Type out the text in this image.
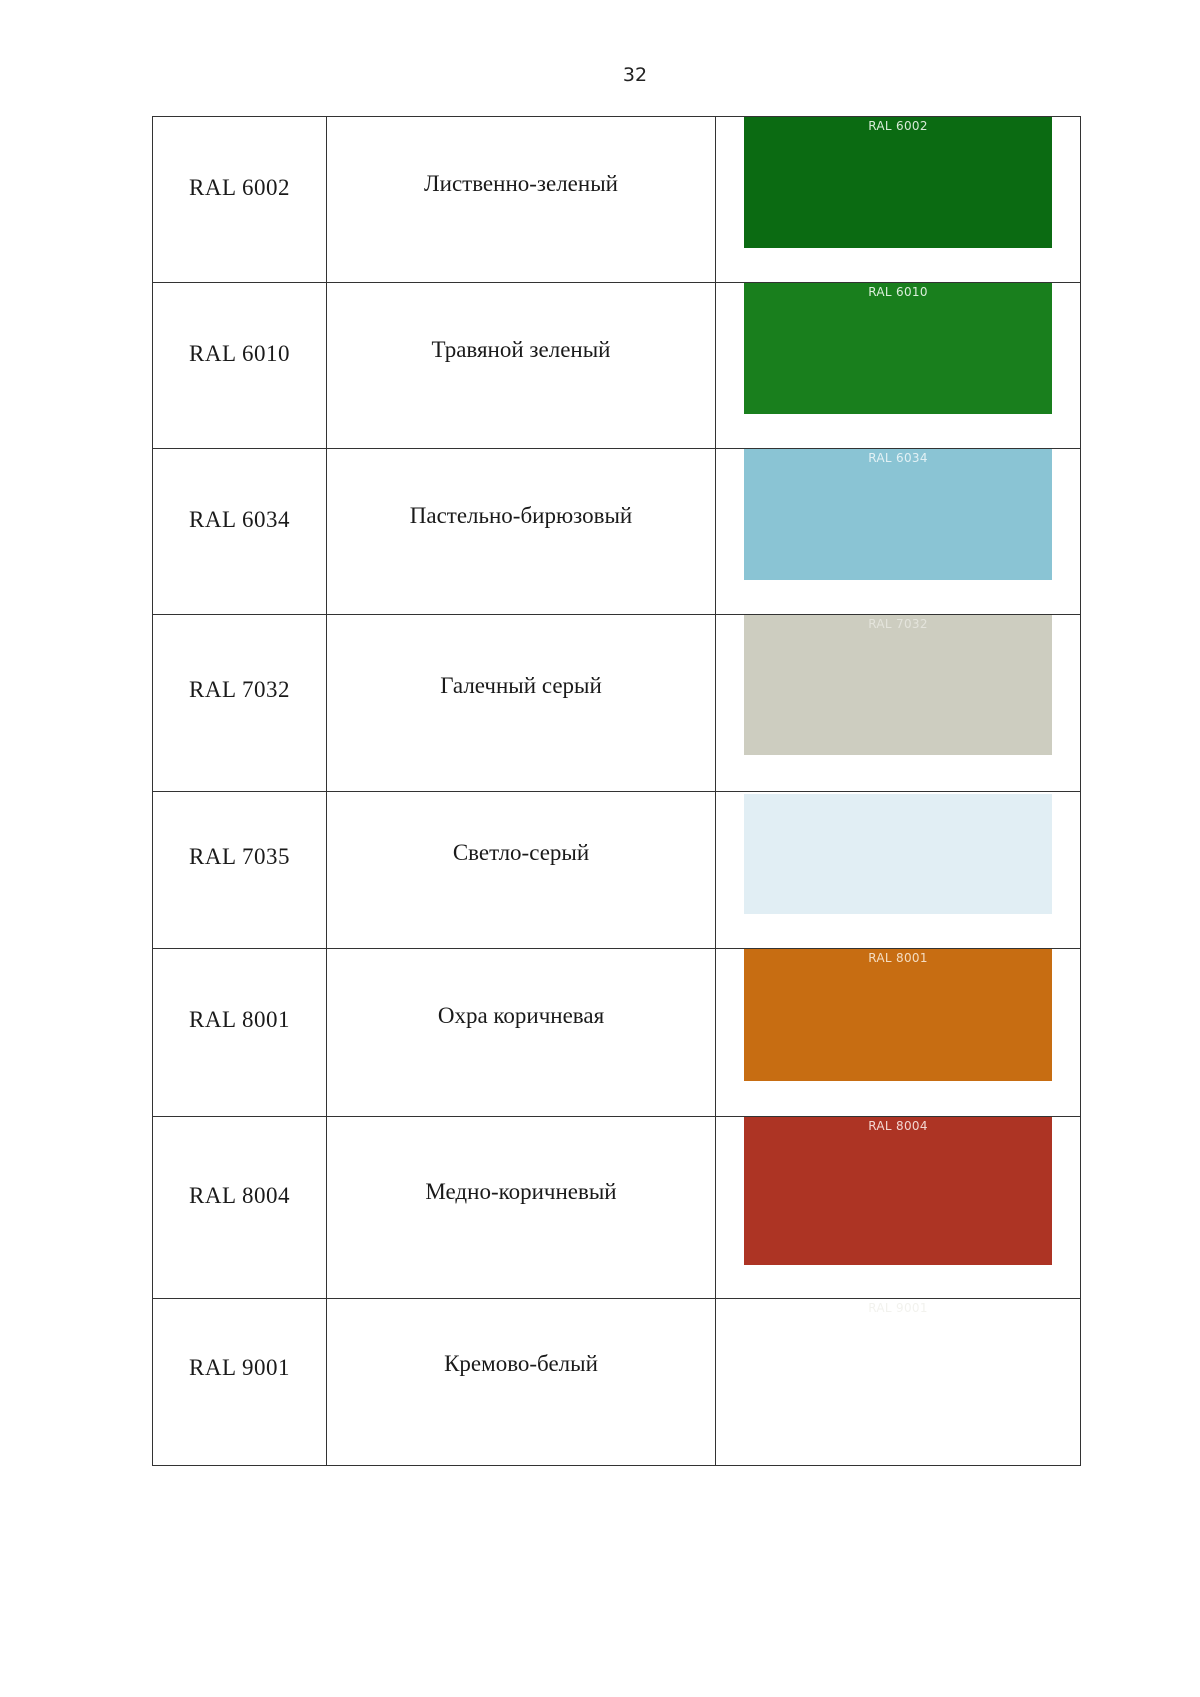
32
RAL 6002	Лиственно-зеленый	RAL 6002

RAL 6010	Травяной зеленый	RAL 6010

RAL 6034	Пастельно-бирюзовый	RAL 6034

RAL 7032	Галечный серый	RAL 7032

RAL 7035	Светло-серый	

RAL 8001	Охра коричневая	RAL 8001

RAL 8004	Медно-коричневый	RAL 8004

RAL 9001	Кремово-белый	RAL 9001
